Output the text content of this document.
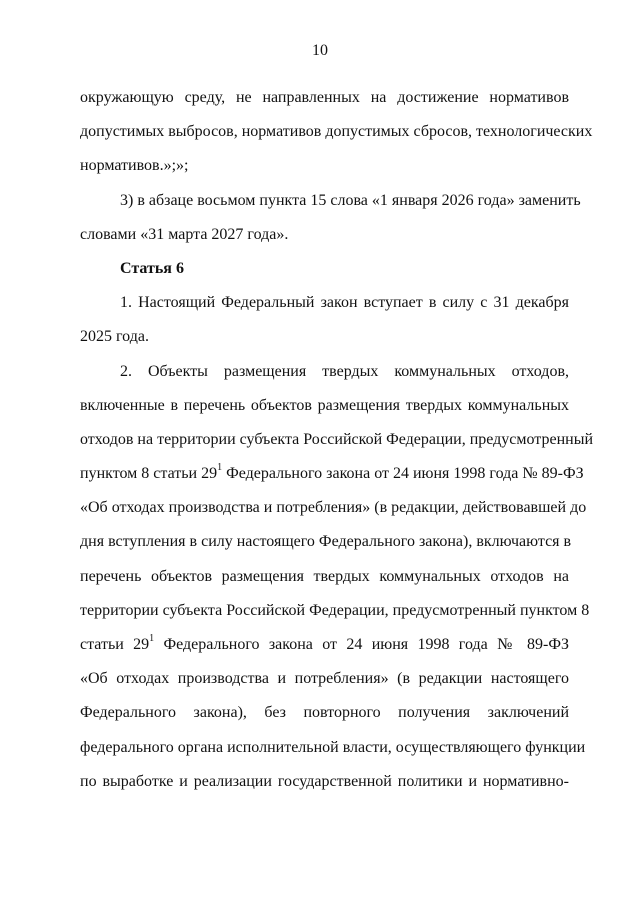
10
окружающую среду, не направленных на достижение нормативов
допустимых выбросов, нормативов допустимых сбросов, технологических
нормативов.»;»;
3) в абзаце восьмом пункта 15 слова «1 января 2026 года» заменить
словами «31 марта 2027 года».
Статья 6
1. Настоящий Федеральный закон вступает в силу с 31 декабря
2025 года.
2. Объекты размещения твердых коммунальных отходов,
включенные в перечень объектов размещения твердых коммунальных
отходов на территории субъекта Российской Федерации, предусмотренный
пунктом 8 статьи $29^1$ Федерального закона от 24 июня 1998 года № 89-ФЗ
«Об отходах производства и потребления» (в редакции, действовавшей до
дня вступления в силу настоящего Федерального закона), включаются в
перечень объектов размещения твердых коммунальных отходов на
территории субъекта Российской Федерации, предусмотренный пунктом 8
статьи $29^1$ Федерального закона от 24 июня 1998 года № 89-ФЗ
«Об отходах производства и потребления» (в редакции настоящего
Федерального закона), без повторного получения заключений
федерального органа исполнительной власти, осуществляющего функции
по выработке и реализации государственной политики и нормативно-
